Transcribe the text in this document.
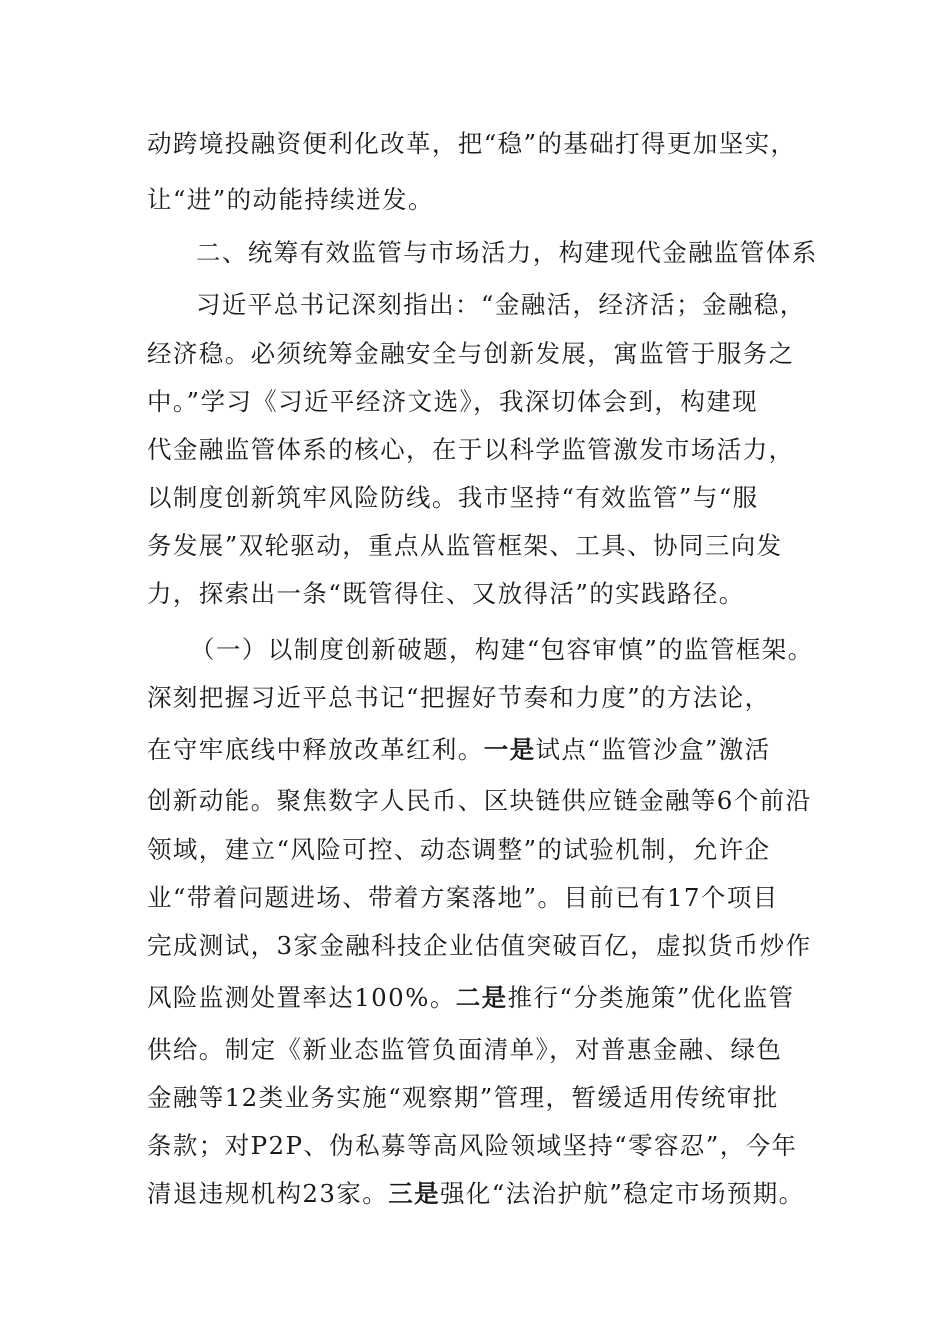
动跨境投融资便利化改革，把“稳”的基础打得更加坚实，
让“进”的动能持续迸发。
二、统筹有效监管与市场活力，构建现代金融监管体系
习近平总书记深刻指出：“金融活，经济活；金融稳，
经济稳。必须统筹金融安全与创新发展，寓监管于服务之
中。”学习《习近平经济文选》，我深切体会到，构建现
代金融监管体系的核心，在于以科学监管激发市场活力，
以制度创新筑牢风险防线。我市坚持“有效监管”与“服
务发展”双轮驱动，重点从监管框架、工具、协同三向发
力，探索出一条“既管得住、又放得活”的实践路径。
（一）以制度创新破题，构建“包容审慎”的监管框架。
深刻把握习近平总书记“把握好节奏和力度”的方法论，
在守牢底线中释放改革红利。一是试点“监管沙盒”激活
创新动能。聚焦数字人民币、区块链供应链金融等6个前沿
领域，建立“风险可控、动态调整”的试验机制，允许企
业“带着问题进场、带着方案落地”。目前已有17个项目
完成测试，3家金融科技企业估值突破百亿，虚拟货币炒作
风险监测处置率达100%。二是推行“分类施策”优化监管
供给。制定《新业态监管负面清单》，对普惠金融、绿色
金融等12类业务实施“观察期”管理，暂缓适用传统审批
条款；对P2P、伪私募等高风险领域坚持“零容忍”，今年
清退违规机构23家。三是强化“法治护航”稳定市场预期。
